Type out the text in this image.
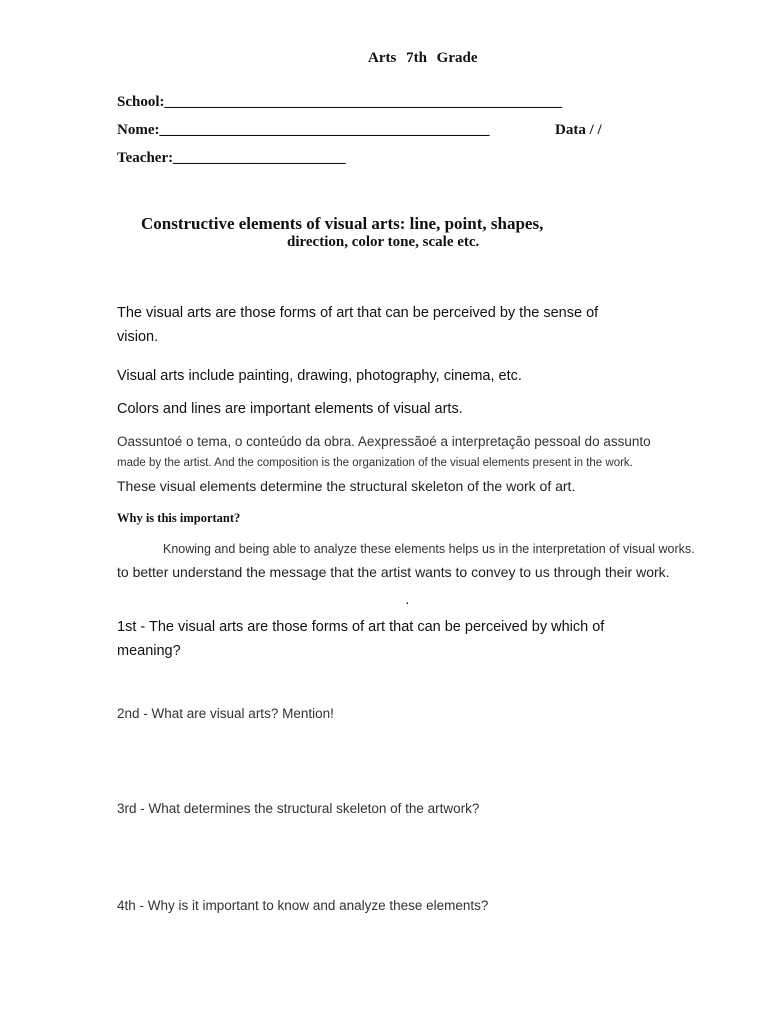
Arts 7th Grade
School:_____________________________________________________
Nome:____________________________________________	Data / /
Teacher:_______________________
Constructive elements of visual arts: line, point, shapes,
direction, color tone, scale etc.
The visual arts are those forms of art that can be perceived by the sense of
vision.
Visual arts include painting, drawing, photography, cinema, etc.
Colors and lines are important elements of visual arts.
Oassuntoé o tema, o conteúdo da obra. Aexpressãoé a interpretação pessoal do assunto
made by the artist. And the composition is the organization of the visual elements present in the work.
These visual elements determine the structural skeleton of the work of art.
Why is this important?
Knowing and being able to analyze these elements helps us in the interpretation of visual works.
to better understand the message that the artist wants to convey to us through their work.
.
1st - The visual arts are those forms of art that can be perceived by which of
meaning?
2nd - What are visual arts? Mention!
3rd - What determines the structural skeleton of the artwork?
4th - Why is it important to know and analyze these elements?
